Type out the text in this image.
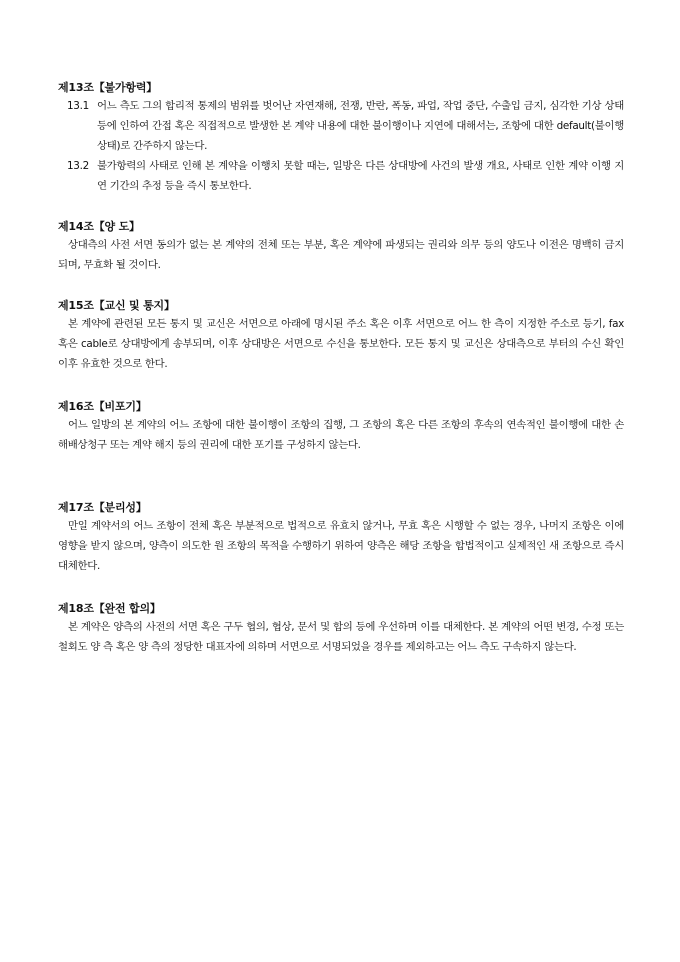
제13조【불가항력】
13.1 어느 측도 그의 합리적 통제의 범위를 벗어난 자연재해, 전쟁, 반란, 폭동, 파업, 작업 중단, 수출입 금지, 심각한 기상 상태 등에 인하여 간접 혹은 직접적으로 발생한 본 계약 내용에 대한 불이행이나 지연에 대해서는, 조항에 대한 default(불이행 상태)로 간주하지 않는다.
13.2 불가항력의 사태로 인해 본 계약을 이행치 못할 때는, 일방은 다른 상대방에 사건의 발생 개요, 사태로 인한 계약 이행 지연 기간의 추정 등을 즉시 통보한다.
제14조【양 도】

상대측의 사전 서면 동의가 없는 본 계약의 전체 또는 부분, 혹은 계약에 파생되는 권리와 의무 등의 양도나 이전은 명백히 금지되며, 무효화 될 것이다.

제15조【교신 및 통지】

본 계약에 관련된 모든 통지 및 교신은 서면으로 아래에 명시된 주소 혹은 이후 서면으로 어느 한 측이 지정한 주소로 등기, fax 혹은 cable로 상대방에게 송부되며, 이후 상대방은 서면으로 수신을 통보한다. 모든 통지 및 교신은 상대측으로 부터의 수신 확인 이후 유효한 것으로 한다.

제16조【비포기】

어느 일방의 본 계약의 어느 조항에 대한 불이행이 조항의 집행, 그 조항의 혹은 다른 조항의 후속의 연속적인 불이행에 대한 손해배상청구 또는 계약 해지 등의 권리에 대한 포기를 구성하지 않는다.

제17조【분리성】

만일 계약서의 어느 조항이 전체 혹은 부분적으로 법적으로 유효치 않거나, 무효 혹은 시행할 수 없는 경우, 나머지 조항은 이에 영향을 받지 않으며, 양측이 의도한 원 조항의 목적을 수행하기 위하여 양측은 해당 조항을 합법적이고 실제적인 새 조항으로 즉시 대체한다.

제18조【완전 합의】

본 계약은 양측의 사전의 서면 혹은 구두 협의, 협상, 문서 및 합의 등에 우선하며 이를 대체한다. 본 계약의 어떤 변경, 수정 또는 철회도 양 측 혹은 양 측의 정당한 대표자에 의하며 서면으로 서명되었을 경우를 제외하고는 어느 측도 구속하지 않는다.
